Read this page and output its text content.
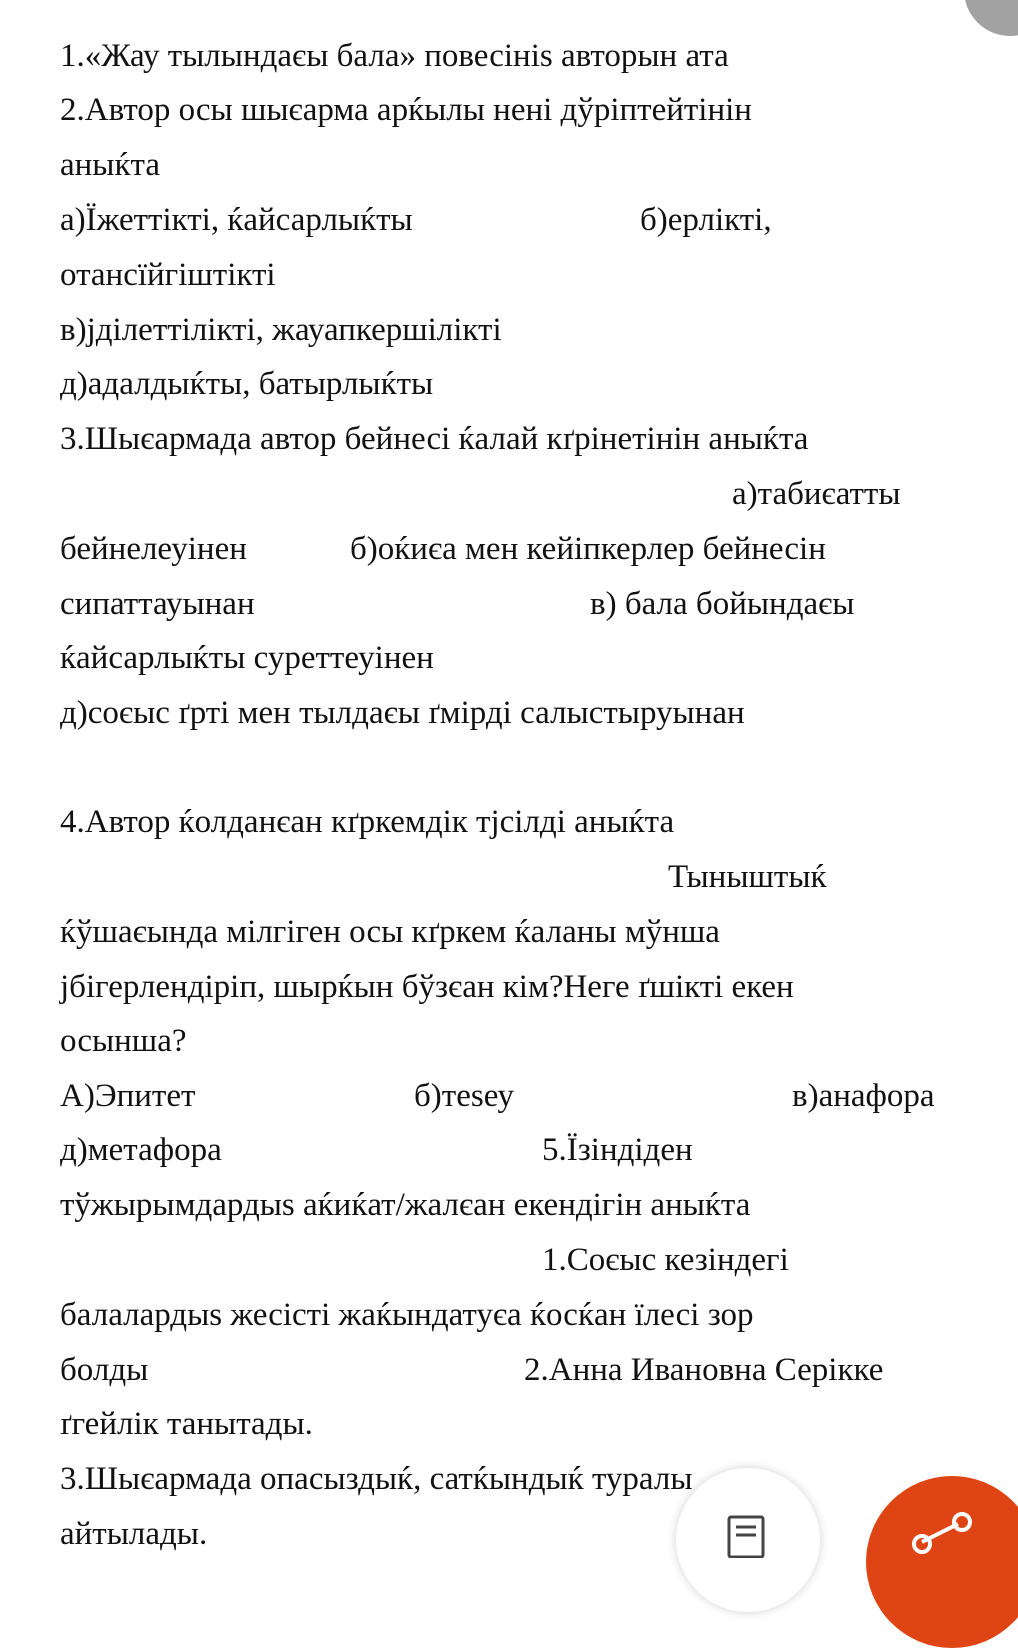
1.«Жау тылындаєы бала» повесініs авторын ата

2.Автор осы шыєарма арќылы нені дўріптейтінін

аныќта

а)Їжеттікті, ќайсарлыќты	б)ерлікті,

отансїйгіштікті

в)јділеттілікті, жауапкершілікті

д)адалдыќты, батырлыќты

3.Шыєармада автор бейнесі ќалай кґрінетінін аныќта

а)табиєатты

бейнелеуінен	б)оќиєа мен кейіпкерлер бейнесін

сипаттауынан	в) бала бойындаєы

ќайсарлыќты суреттеуінен

д)соєыс ґрті мен тылдаєы ґмірді салыстыруынан

4.Автор ќолданєан кґркемдік тјсілді аныќта

Тыныштыќ

ќўшаєында мілгіген осы кґркем ќаланы мўнша

јбігерлендіріп, шырќын бўзєан кім?Неге ґшікті екен

осынша?

А)Эпитет	б)теѕеу	в)анафора

д)метафора	5.Їзіндіден

тўжырымдардыs аќиќат/жалєан екендігін аныќта

1.Соєыс кезіндегі

балалардыs жесісті жаќындатуєа ќосќан їлесі зор

болды	2.Анна Ивановна Серікке

ґгейлік танытады.

3.Шыєармада опасыздыќ, сатќындыќ туралы

айтылады.
